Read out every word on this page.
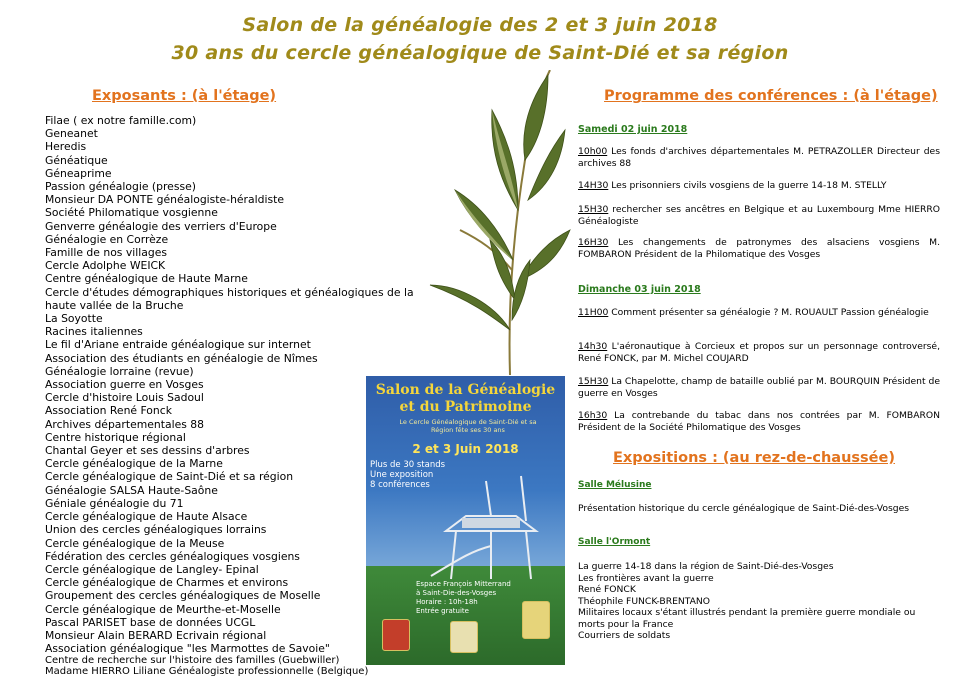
Salon de la généalogie des 2 et 3 juin 2018
30 ans du cercle généalogique de Saint-Dié et sa région
Exposants : (à l'étage)
Filae ( ex notre famille.com)
Geneanet
Heredis
Généatique
Géneaprime
Passion généalogie (presse)
Monsieur DA PONTE généalogiste-héraldiste
Société Philomatique vosgienne
Genverre généalogie des verriers d'Europe
Généalogie en Corrèze
Famille de nos villages
Cercle Adolphe WEICK
Centre généalogique de Haute Marne
Cercle d'études démographiques historiques et généalogiques de la haute vallée de la Bruche
La Soyotte
Racines italiennes
Le fil d'Ariane entraide généalogique sur internet
Association des étudiants en généalogie de Nîmes
Généalogie lorraine (revue)
Association guerre en Vosges
Cercle d'histoire Louis Sadoul
Association René Fonck
Archives départementales 88
Centre historique régional
Chantal Geyer et ses dessins d'arbres
Cercle généalogique de la Marne
Cercle généalogique de Saint-Dié et sa région
Généalogie SALSA Haute-Saône
Géniale généalogie du 71
Cercle généalogique de Haute Alsace
Union des cercles généalogiques lorrains
Cercle généalogique de la Meuse
Fédération des cercles généalogiques vosgiens
Cercle généalogique de Langley- Epinal
Cercle généalogique de Charmes et environs
Groupement des cercles généalogiques de Moselle
Cercle généalogique de Meurthe-et-Moselle
Pascal PARISET base de données UCGL
Monsieur Alain BERARD Ecrivain régional
Association généalogique "les Marmottes de Savoie"
Centre de recherche sur l'histoire des familles (Guebwiller)
Madame HIERRO Liliane Généalogiste professionnelle (Belgique)
Salon de la Généalogie et du Patrimoine
Le Cercle Généalogique de Saint-Dié et sa Région fête ses 30 ans
2 et 3 Juin 2018
Plus de 30 stands
Une exposition
8 conférences
Espace François Mitterrand
à Saint-Die-des-Vosges
Horaire : 10h-18h
Entrée gratuite
Programme des conférences : (à l'étage)
Samedi 02 juin 2018
10h00 Les fonds d'archives départementales M. PETRAZOLLER Directeur des archives 88
14H30 Les prisonniers civils vosgiens de la guerre 14-18 M. STELLY
15H30 rechercher ses ancêtres en Belgique et au Luxembourg Mme HIERRO Généalogiste
16H30 Les changements de patronymes des alsaciens vosgiens M. FOMBARON Président de la Philomatique des Vosges
Dimanche 03 juin 2018
11H00 Comment présenter sa généalogie ? M. ROUAULT Passion généalogie
14h30 L'aéronautique à Corcieux et propos sur un personnage controversé, René FONCK, par M. Michel COUJARD
15H30 La Chapelotte, champ de bataille oublié par M. BOURQUIN Président de guerre en Vosges
16h30 La contrebande du tabac dans nos contrées par M. FOMBARON Président de la Société Philomatique des Vosges
Expositions : (au rez-de-chaussée)
Salle Mélusine
Présentation historique du cercle généalogique de Saint-Dié-des-Vosges
Salle l'Ormont
La guerre 14-18 dans la région de Saint-Dié-des-Vosges
Les frontières avant la guerre
René FONCK
Théophile FUNCK-BRENTANO
Militaires locaux s'étant illustrés pendant la première guerre mondiale ou morts pour la France
Courriers de soldats
